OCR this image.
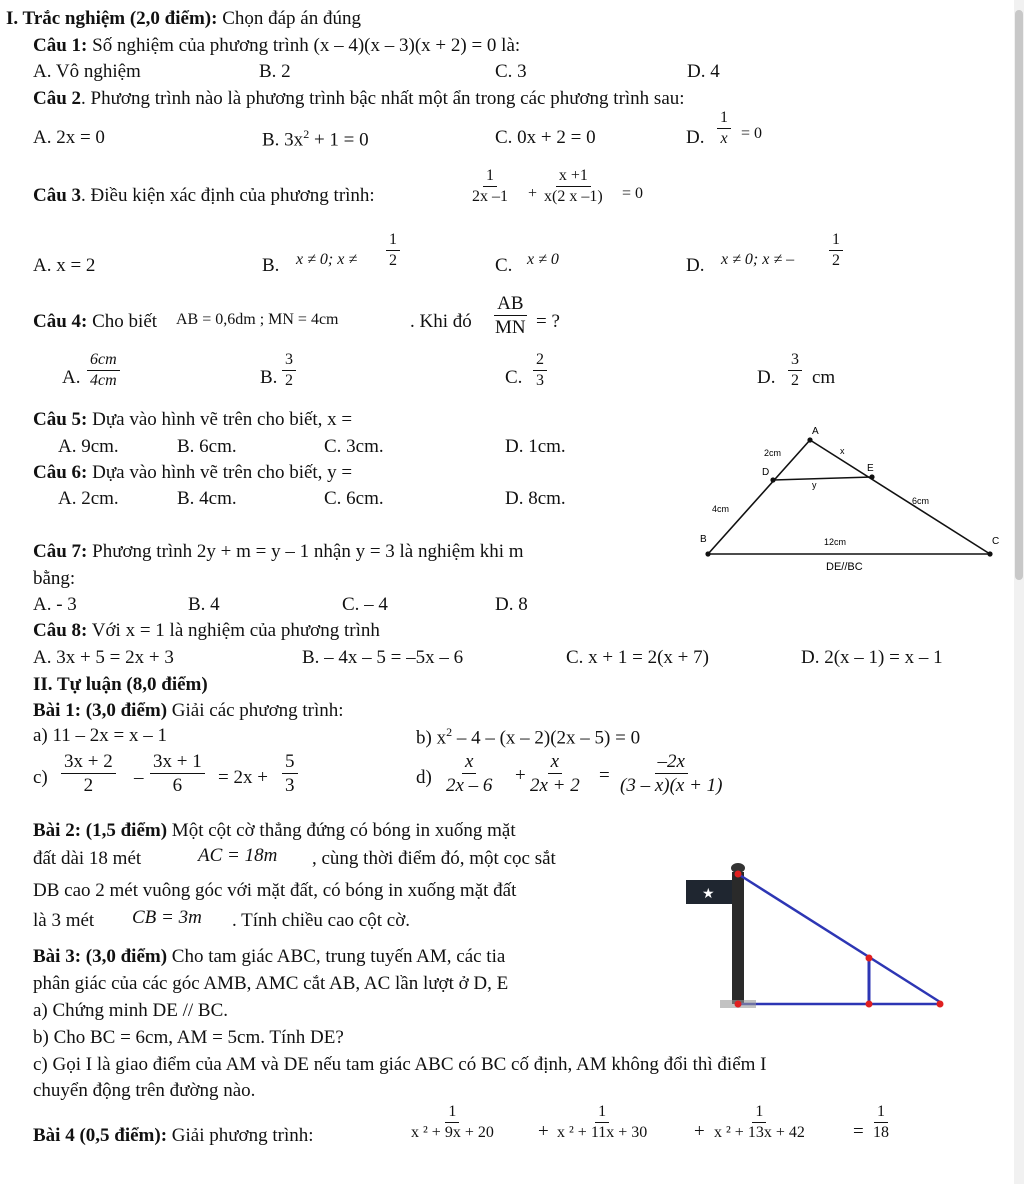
I. Trắc nghiệm (2,0 điểm): Chọn đáp án đúng
Câu 1: Số nghiệm của phương trình (x – 4)(x – 3)(x + 2) = 0 là:
A. Vô nghiệm	B. 2	C. 3	D. 4
Câu 2. Phương trình nào là phương trình bậc nhất một ẩn trong các phương trình sau:
A. 2x = 0	B. $3x^2 + 1 = 0$	C. 0x + 2 = 0	D. $\frac{1}{x} = 0$
Câu 3. Điều kiện xác định của phương trình:	$\frac{1}{2x -1} + \frac{x +1}{x(2 x -1)} = 0$
A. x = 2	B. x ≠ 0; $x \ne \frac{1}{2}$	C. x ≠ 0	D. x ≠ 0; x ≠ – $\frac{1}{2}$
Câu 4: Cho biết AB = 0,6dm ; MN = 4cm	. Khi đó $\frac{AB}{MN}$ = ?
A. $\frac{6cm}{4cm}$	B. $\frac{3}{2}$	C. $\frac{2}{3}$	D. $\frac{3}{2}$ cm
Câu 5: Dựa vào hình vẽ trên cho biết, x =
A. 9cm.	B. 6cm.	C. 3cm.	D. 1cm.
Câu 6: Dựa vào hình vẽ trên cho biết, y =
A. 2cm.	B. 4cm.	C. 6cm.	D. 8cm.
A
D	E
B	C
2cm	x
y
4cm
6cm
12cm
DE//BC
Câu 7: Phương trình 2y + m = y – 1 nhận y = 3 là nghiệm khi m
bằng:
A. - 3	B. 4	C. – 4	D. 8
Câu 8: Với x = 1 là nghiệm của phương trình
A. 3x + 5 = 2x + 3	B. – 4x – 5 = –5x – 6	C. x + 1 = 2(x + 7)	D. 2(x – 1) = x – 1
II. Tự luận (8,0 điểm)
Bài 1: (3,0 điểm) Giải các phương trình:
a) 11 – 2x = x – 1	b) $x^2 - 4 - (x - 2)(2x - 5) = 0$
$c) \frac{3x + 2}{2} - \frac{3x + 1}{6} = 2x + \frac{5}{3}$	$d) \frac{x}{2x - 6} + \frac{x}{2x + 2} = \frac{-2x}{(3 - x)(x + 1)}$
Bài 2: (1,5 điểm) Một cột cờ thẳng đứng có bóng in xuống mặt
đất dài 18 mét	AC = 18m , cùng thời điểm đó, một cọc sắt
DB cao 2 mét vuông góc với mặt đất, có bóng in xuống mặt đất
là 3 mét CB = 3m . Tính chiều cao cột cờ.
★
Bài 3: (3,0 điểm) Cho tam giác ABC, trung tuyến AM, các tia
phân giác của các góc AMB, AMC cắt AB, AC lần lượt ở D, E
a) Chứng minh DE // BC.
b) Cho BC = 6cm, AM = 5cm. Tính DE?
c) Gọi I là giao điểm của AM và DE nếu tam giác ABC có BC cố định, AM không đổi thì điểm I
chuyển động trên đường nào.
Bài 4 (0,5 điểm): Giải phương trình:	$\frac{1}{\text{x ² + 9x + 20}} + \frac{1}{\text{x ² + 11x + 30}} + \frac{1}{\text{x ² + 13x + 42}} = \frac{1}{18}$
